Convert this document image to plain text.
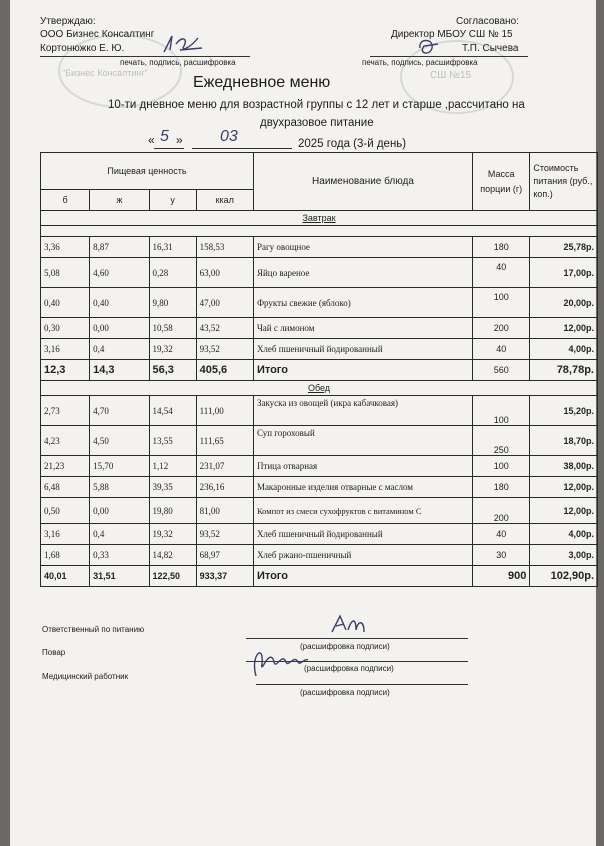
"Бизнес Консалтинг"	СШ №15
Утверждаю:
ООО Бизнес Консалтинг
Кортонюжко Е. Ю.
печать, подпись, расшифровка
Согласовано:
Директор МБОУ СШ № 15
Т.П. Сычева
печать, подпись, расшифровка
Ежедневное меню
10-ти дневное меню для возрастной группы с 12 лет и старше ,рассчитано на
двухразовое питание
« 5 » 03	2025 года (3-й день)
Пищевая ценность				Наименование блюда	Масса порции (г)	Стоимость питания (руб., коп.)
б	ж	у	ккал			
Завтрак						

3,36	8,87	16,31	158,53	Рагу овощное	180	25,78р.
5,08	4,60	0,28	63,00	Яйцо вареное	40	17,00р.
0,40	0,40	9,80	47,00	Фрукты свежие (яблоко)	100	20,00р.
0,30	0,00	10,58	43,52	Чай с лимоном	200	12,00р.
3,16	0,4	19,32	93,52	Хлеб пшеничный йодированный	40	4,00р.
12,3	14,3	56,3	405,6	Итого	560	78,78р.
Обед						
2,73	4,70	14,54	111,00	Закуска из овощей (икра кабачковая)	100	15,20р.
4,23	4,50	13,55	111,65	Суп гороховый	250	18,70р.
21,23	15,70	1,12	231,07	Птица отварная	100	38,00р.
6,48	5,88	39,35	236,16	Макаронные изделия отварные с маслом	180	12,00р.
0,50	0,00	19,80	81,00	Компот из смеси сухофруктов с витамином С	200	12,00р.
3,16	0,4	19,32	93,52	Хлеб пшеничный йодированный	40	4,00р.
1,68	0,33	14,82	68,97	Хлеб ржано-пшеничный	30	3,00р.
40,01	31,51	122,50	933,37	Итого	900	102,90р.
Ответственный по питанию
(расшифровка подписи)
Повар
(расшифровка подписи)
Медицинский работник
(расшифровка подписи)
